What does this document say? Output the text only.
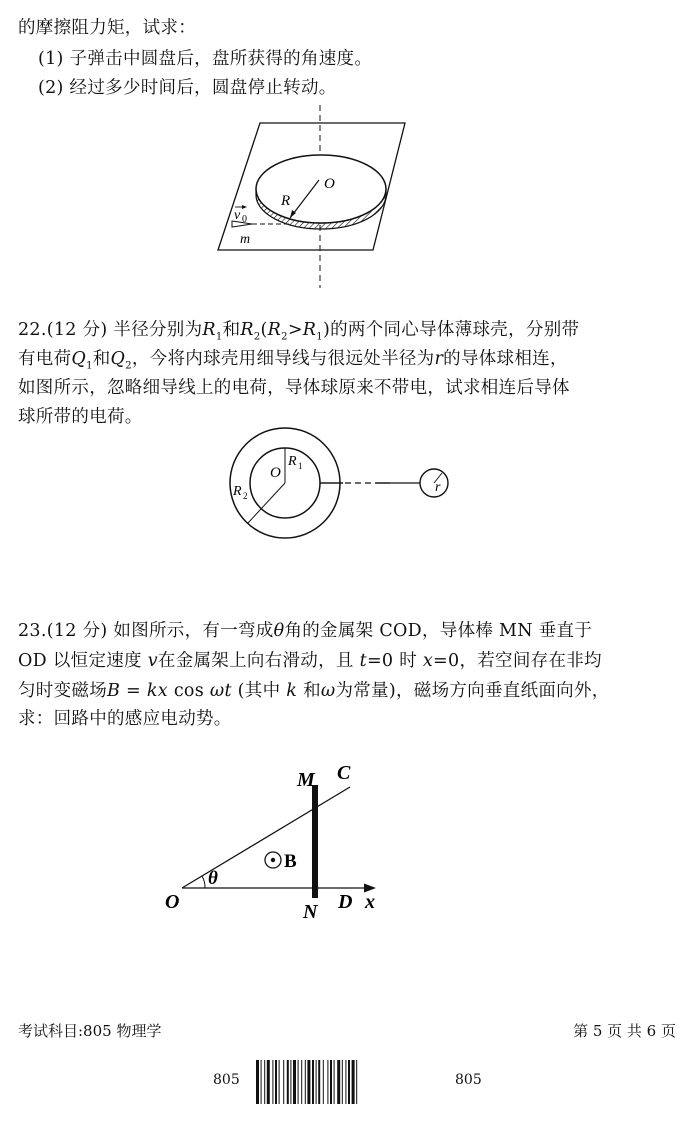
的摩擦阻力矩，试求：
(1) 子弹击中圆盘后，盘所获得的角速度。
(2) 经过多少时间后，圆盘停止转动。
O
R
v 0
m
22.(12 分) 半径分别为$R_1$和$R_2(R_2>R_1)$的两个同心导体薄球壳，分别带
有电荷$Q_1$和$Q_2$，今将内球壳用细导线与很远处半径为r的导体球相连，
如图所示，忽略细导线上的电荷，导体球原来不带电，试求相连后导体
球所带的电荷。
O
R 1
R 2
r
23.(12 分) 如图所示，有一弯成θ角的金属架 COD，导体棒 MN 垂直于
OD 以恒定速度 v在金属架上向右滑动，且 t=0 时 x=0，若空间存在非均
匀时变磁场B = kx cos ωt (其中 k 和ω为常量)，磁场方向垂直纸面向外，
求：回路中的感应电动势。
M C
O
θ
B
N D x
考试科目:805 物理学	第 5 页 共 6 页
805	805
